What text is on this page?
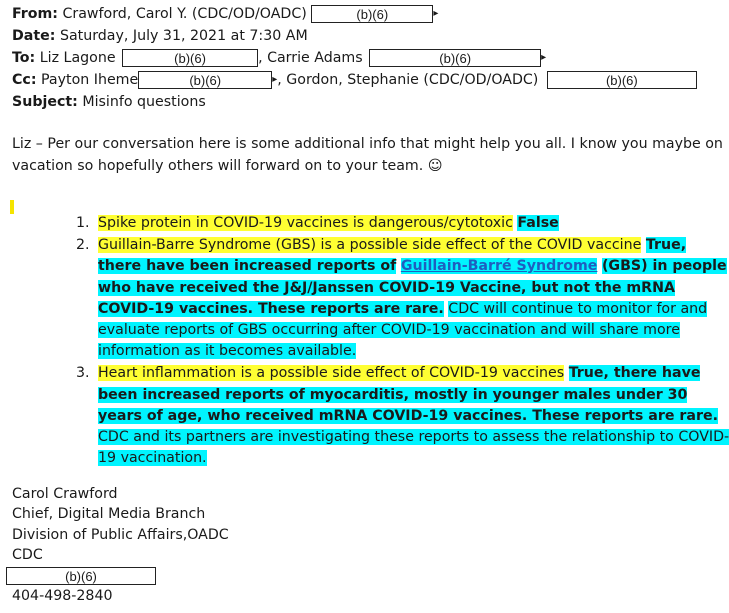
From: Crawford, Carol Y. (CDC/OD/OADC)	(b)(6)	▸
Date: Saturday, July 31, 2021 at 7:30 AM
To: Liz Lagone	(b)(6)	, Carrie Adams	(b)(6)	▸
Cc: Payton Iheme	(b)(6)	▸, Gordon, Stephanie (CDC/OD/OADC)	(b)(6)
Subject: Misinfo questions
Liz – Per our conversation here is some additional info that might help you all. I know you maybe on
vacation so hopefully others will forward on to your team. ☺
1. Spike protein in COVID-19 vaccines is dangerous/cytotoxic False
2. Guillain-Barre Syndrome (GBS) is a possible side effect of the COVID vaccine True, there have been increased reports of Guillain-Barré Syndrome (GBS) in people who have received the J&J/Janssen COVID-19 Vaccine, but not the mRNA COVID-19 vaccines. These reports are rare. CDC will continue to monitor for and evaluate reports of GBS occurring after COVID-19 vaccination and will share more information as it becomes available.
3. Heart inflammation is a possible side effect of COVID-19 vaccines True, there have been increased reports of myocarditis, mostly in younger males under 30 years of age, who received mRNA COVID-19 vaccines. These reports are rare. CDC and its partners are investigating these reports to assess the relationship to COVID-19 vaccination.
Carol Crawford
Chief, Digital Media Branch
Division of Public Affairs,OADC
CDC
(b)(6)
404-498-2840
